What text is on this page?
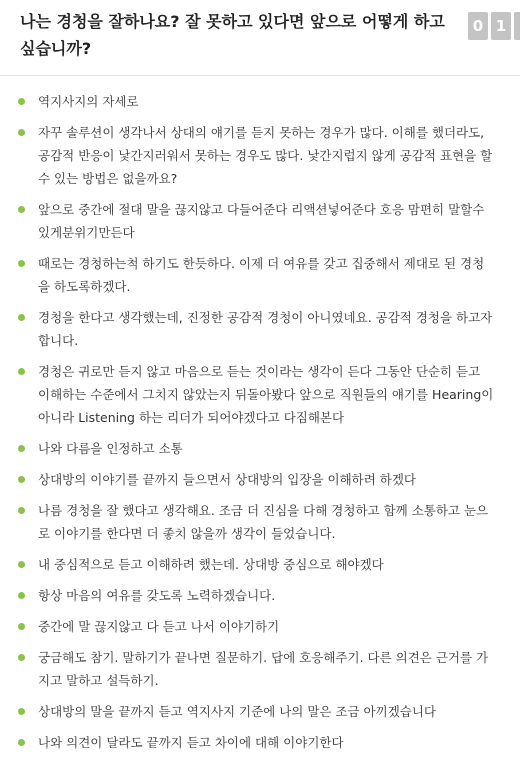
나는 경청을 잘하나요? 잘 못하고 있다면 앞으로 어떻게 하고 싶습니까?
0 1
역지사지의 자세로
자꾸 솔루션이 생각나서 상대의 얘기를 듣지 못하는 경우가 많다. 이해를 했더라도, 공감적 반응이 낯간지러워서 못하는 경우도 많다. 낯간지럽지 않게 공감적 표현을 할 수 있는 방법은 없을까요?
앞으로 중간에 절대 말을 끊지않고 다들어준다 리액션넣어준다 호응 맘편히 말할수있게분위기만든다
때로는 경청하는척 하기도 한듯하다. 이제 더 여유를 갖고 집중해서 제대로 된 경청을 하도록하겠다.
경청을 한다고 생각했는데, 진정한 공감적 경청이 아니였네요. 공감적 경청을 하고자 합니다.
경청은 귀로만 듣지 않고 마음으로 듣는 것이라는 생각이 든다 그동안 단순히 듣고 이해하는 수준에서 그치지 않았는지 뒤돌아봤다 앞으로 직원들의 얘기를 Hearing이 아니라 Listening 하는 리더가 되어야겠다고 다짐해본다
나와 다름을 인정하고 소통
상대방의 이야기를 끝까지 들으면서 상대방의 입장을 이해하려 하겠다
나름 경청을 잘 했다고 생각해요. 조금 더 진심을 다해 경청하고 함께 소통하고 눈으로 이야기를 한다면 더 좋치 않을까 생각이 들었습니다.
내 중심적으로 듣고 이해하려 했는데. 상대방 중심으로 해야겠다
항상 마음의 여유를 갖도록 노력하겠습니다.
중간에 말 끊지않고 다 듣고 나서 이야기하기
궁금해도 참기. 말하기가 끝나면 질문하기. 답에 호응해주기. 다른 의견은 근거를 가지고 말하고 설득하기.
상대방의 말을 끝까지 듣고 역지사지 기준에 나의 말은 조금 아끼겠습니다
나와 의견이 달라도 끝까지 듣고 차이에 대해 이야기한다
